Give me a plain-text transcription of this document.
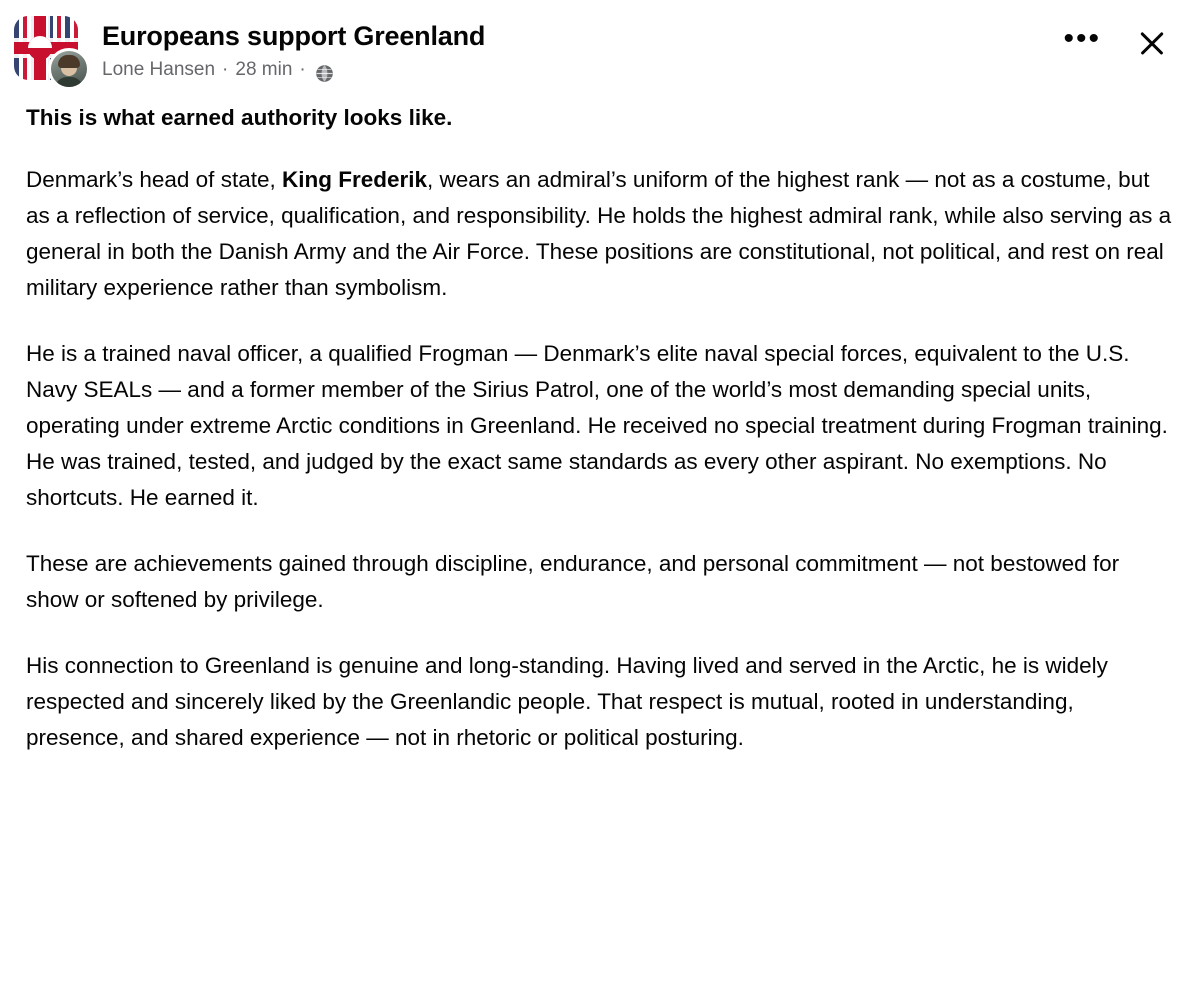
Europeans support Greenland
Lone Hansen · 28 min ·
•••

This is what earned authority looks like.

Denmark’s head of state, King Frederik, wears an admiral’s uniform of the highest rank — not as a costume, but as a reflection of service, qualification, and responsibility. He holds the highest admiral rank, while also serving as a general in both the Danish Army and the Air Force. These positions are constitutional, not political, and rest on real military experience rather than symbolism.

He is a trained naval officer, a qualified Frogman — Denmark’s elite naval special forces, equivalent to the U.S. Navy SEALs — and a former member of the Sirius Patrol, one of the world’s most demanding special units, operating under extreme Arctic conditions in Greenland. He received no special treatment during Frogman training. He was trained, tested, and judged by the exact same standards as every other aspirant. No exemptions. No shortcuts. He earned it.

These are achievements gained through discipline, endurance, and personal commitment — not bestowed for show or softened by privilege.

His connection to Greenland is genuine and long-standing. Having lived and served in the Arctic, he is widely respected and sincerely liked by the Greenlandic people. That respect is mutual, rooted in understanding, presence, and shared experience — not in rhetoric or political posturing.
